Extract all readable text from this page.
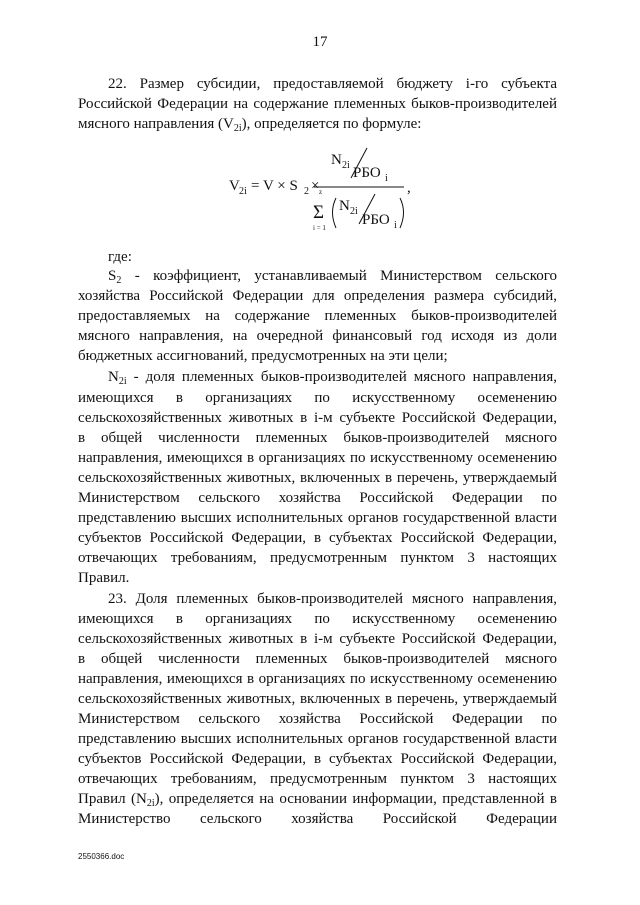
17
22. Размер субсидии, предоставляемой бюджету i-го субъекта
Российской Федерации на содержание племенных быков-производителей
мясного направления $(V_{2i})$, определяется по формуле:
V 2i = V × S 2 ×
N 2i РБО i
z
Σ
i = 1
N 2i
РБО i
,
где:
$S_2$ - коэффициент, устанавливаемый Министерством сельского
хозяйства Российской Федерации для определения размера субсидий,
предоставляемых на содержание племенных быков-производителей
мясного направления, на очередной финансовый год исходя из доли
бюджетных ассигнований, предусмотренных на эти цели;
$N_{2i}$ - доля племенных быков-производителей мясного направления,
имеющихся в организациях по искусственному осеменению
сельскохозяйственных животных в i-м субъекте Российской Федерации,
в общей численности племенных быков-производителей мясного
направления, имеющихся в организациях по искусственному осеменению
сельскохозяйственных животных, включенных в перечень, утверждаемый
Министерством сельского хозяйства Российской Федерации по
представлению высших исполнительных органов государственной власти
субъектов Российской Федерации, в субъектах Российской Федерации,
отвечающих требованиям, предусмотренным пунктом 3 настоящих
Правил.
23. Доля племенных быков-производителей мясного направления,
имеющихся в организациях по искусственному осеменению
сельскохозяйственных животных в i-м субъекте Российской Федерации,
в общей численности племенных быков-производителей мясного
направления, имеющихся в организациях по искусственному осеменению
сельскохозяйственных животных, включенных в перечень, утверждаемый
Министерством сельского хозяйства Российской Федерации по
представлению высших исполнительных органов государственной власти
субъектов Российской Федерации, в субъектах Российской Федерации,
отвечающих требованиям, предусмотренным пунктом 3 настоящих
Правил $(N_{2i})$, определяется на основании информации, представленной в
Министерство сельского хозяйства Российской Федерации
2550366.doc
